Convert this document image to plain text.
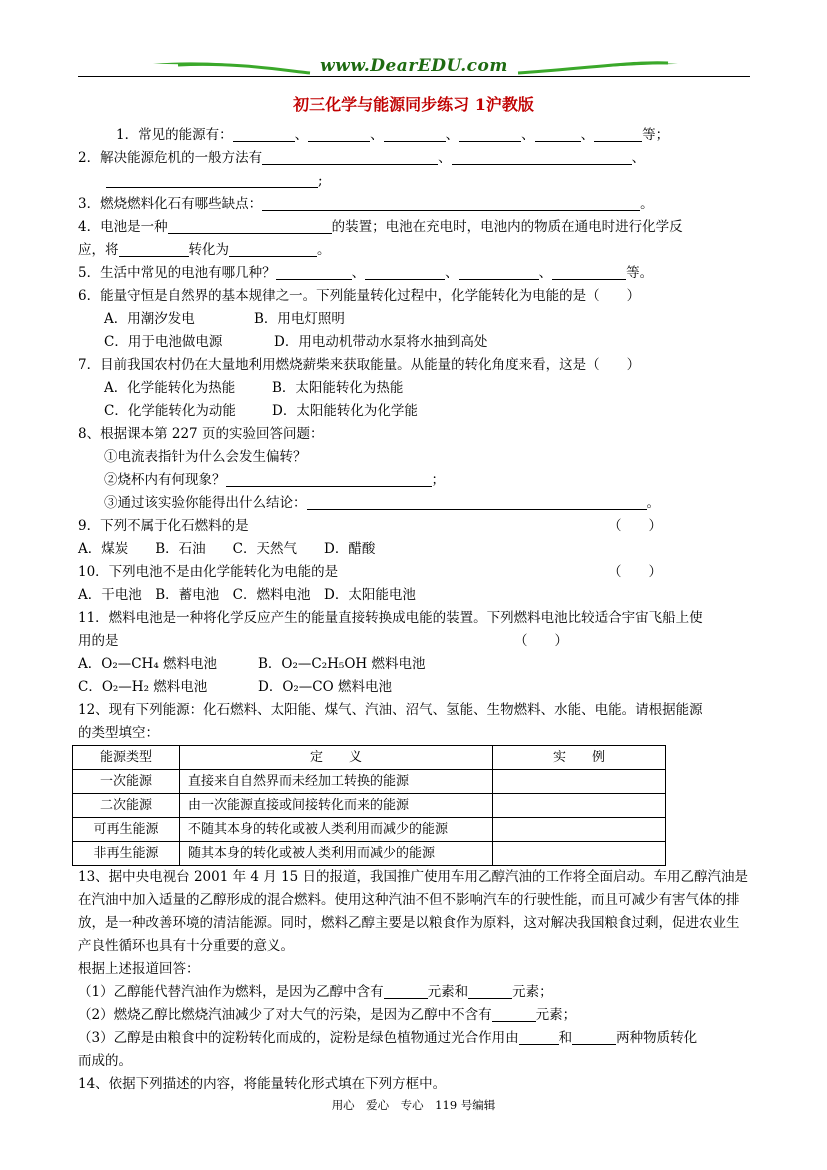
www.DearEDU.com
初三化学与能源同步练习 1沪教版
1．常见的能源有：	、	、	、	、	、	等；
2．解决能源危机的一般方法有	、	、
;
3．燃烧燃料化石有哪些缺点：	。
4．电池是一种	的装置；电池在充电时，电池内的物质在通电时进行化学反
应，将	转化为	。
5．生活中常见的电池有哪几种？	、	、	、	等。
6．能量守恒是自然界的基本规律之一。下列能量转化过程中，化学能转化为电能的是（　　）
A．用潮汐发电	B．用电灯照明
C．用于电池做电源	D．用电动机带动水泵将水抽到高处
7．目前我国农村仍在大量地利用燃烧薪柴来获取能量。从能量的转化角度来看，这是（　　）
A．化学能转化为热能	B．太阳能转化为热能
C．化学能转化为动能	D．太阳能转化为化学能
8、根据课本第 227 页的实验回答问题：
①电流表指针为什么会发生偏转？
②烧杯内有何现象？	；
③通过该实验你能得出什么结论：	。
9．下列不属于化石燃料的是	（　　）
A．煤炭　　B．石油　　C．天然气　　D．醋酸
10．下列电池不是由化学能转化为电能的是	（　　）
A．干电池　B．蓄电池　C．燃料电池　D．太阳能电池
11．燃料电池是一种将化学反应产生的能量直接转换成电能的装置。下列燃料电池比较适合宇宙飞船上使
用的是	（　　）
A．O₂—CH₄ 燃料电池	B．O₂—C₂H₅OH 燃料电池
C．O₂—H₂ 燃料电池	D．O₂—CO 燃料电池
12、现有下列能源：化石燃料、太阳能、煤气、汽油、沼气、氢能、生物燃料、水能、电能。请根据能源
的类型填空：
能源类型	定　　义	实　　例
一次能源	直接来自自然界而未经加工转换的能源	
二次能源	由一次能源直接或间接转化而来的能源	
可再生能源	不随其本身的转化或被人类利用而减少的能源	
非再生能源	随其本身的转化或被人类利用而减少的能源	
13、据中央电视台 2001 年 4 月 15 日的报道，我国推广使用车用乙醇汽油的工作将全面启动。车用乙醇汽油是在汽油中加入适量的乙醇形成的混合燃料。使用这种汽油不但不影响汽车的行驶性能，而且可减少有害气体的排放，是一种改善环境的清洁能源。同时，燃料乙醇主要是以粮食作为原料，这对解决我国粮食过剩，促进农业生产良性循环也具有十分重要的意义。
根据上述报道回答：
（1）乙醇能代替汽油作为燃料，是因为乙醇中含有	元素和	元素；
（2）燃烧乙醇比燃烧汽油减少了对大气的污染，是因为乙醇中不含有	元素；
（3）乙醇是由粮食中的淀粉转化而成的，淀粉是绿色植物通过光合作用由	和	两种物质转化
而成的。
14、依据下列描述的内容，将能量转化形式填在下列方框中。
用心　爱心　专心　119 号编辑
